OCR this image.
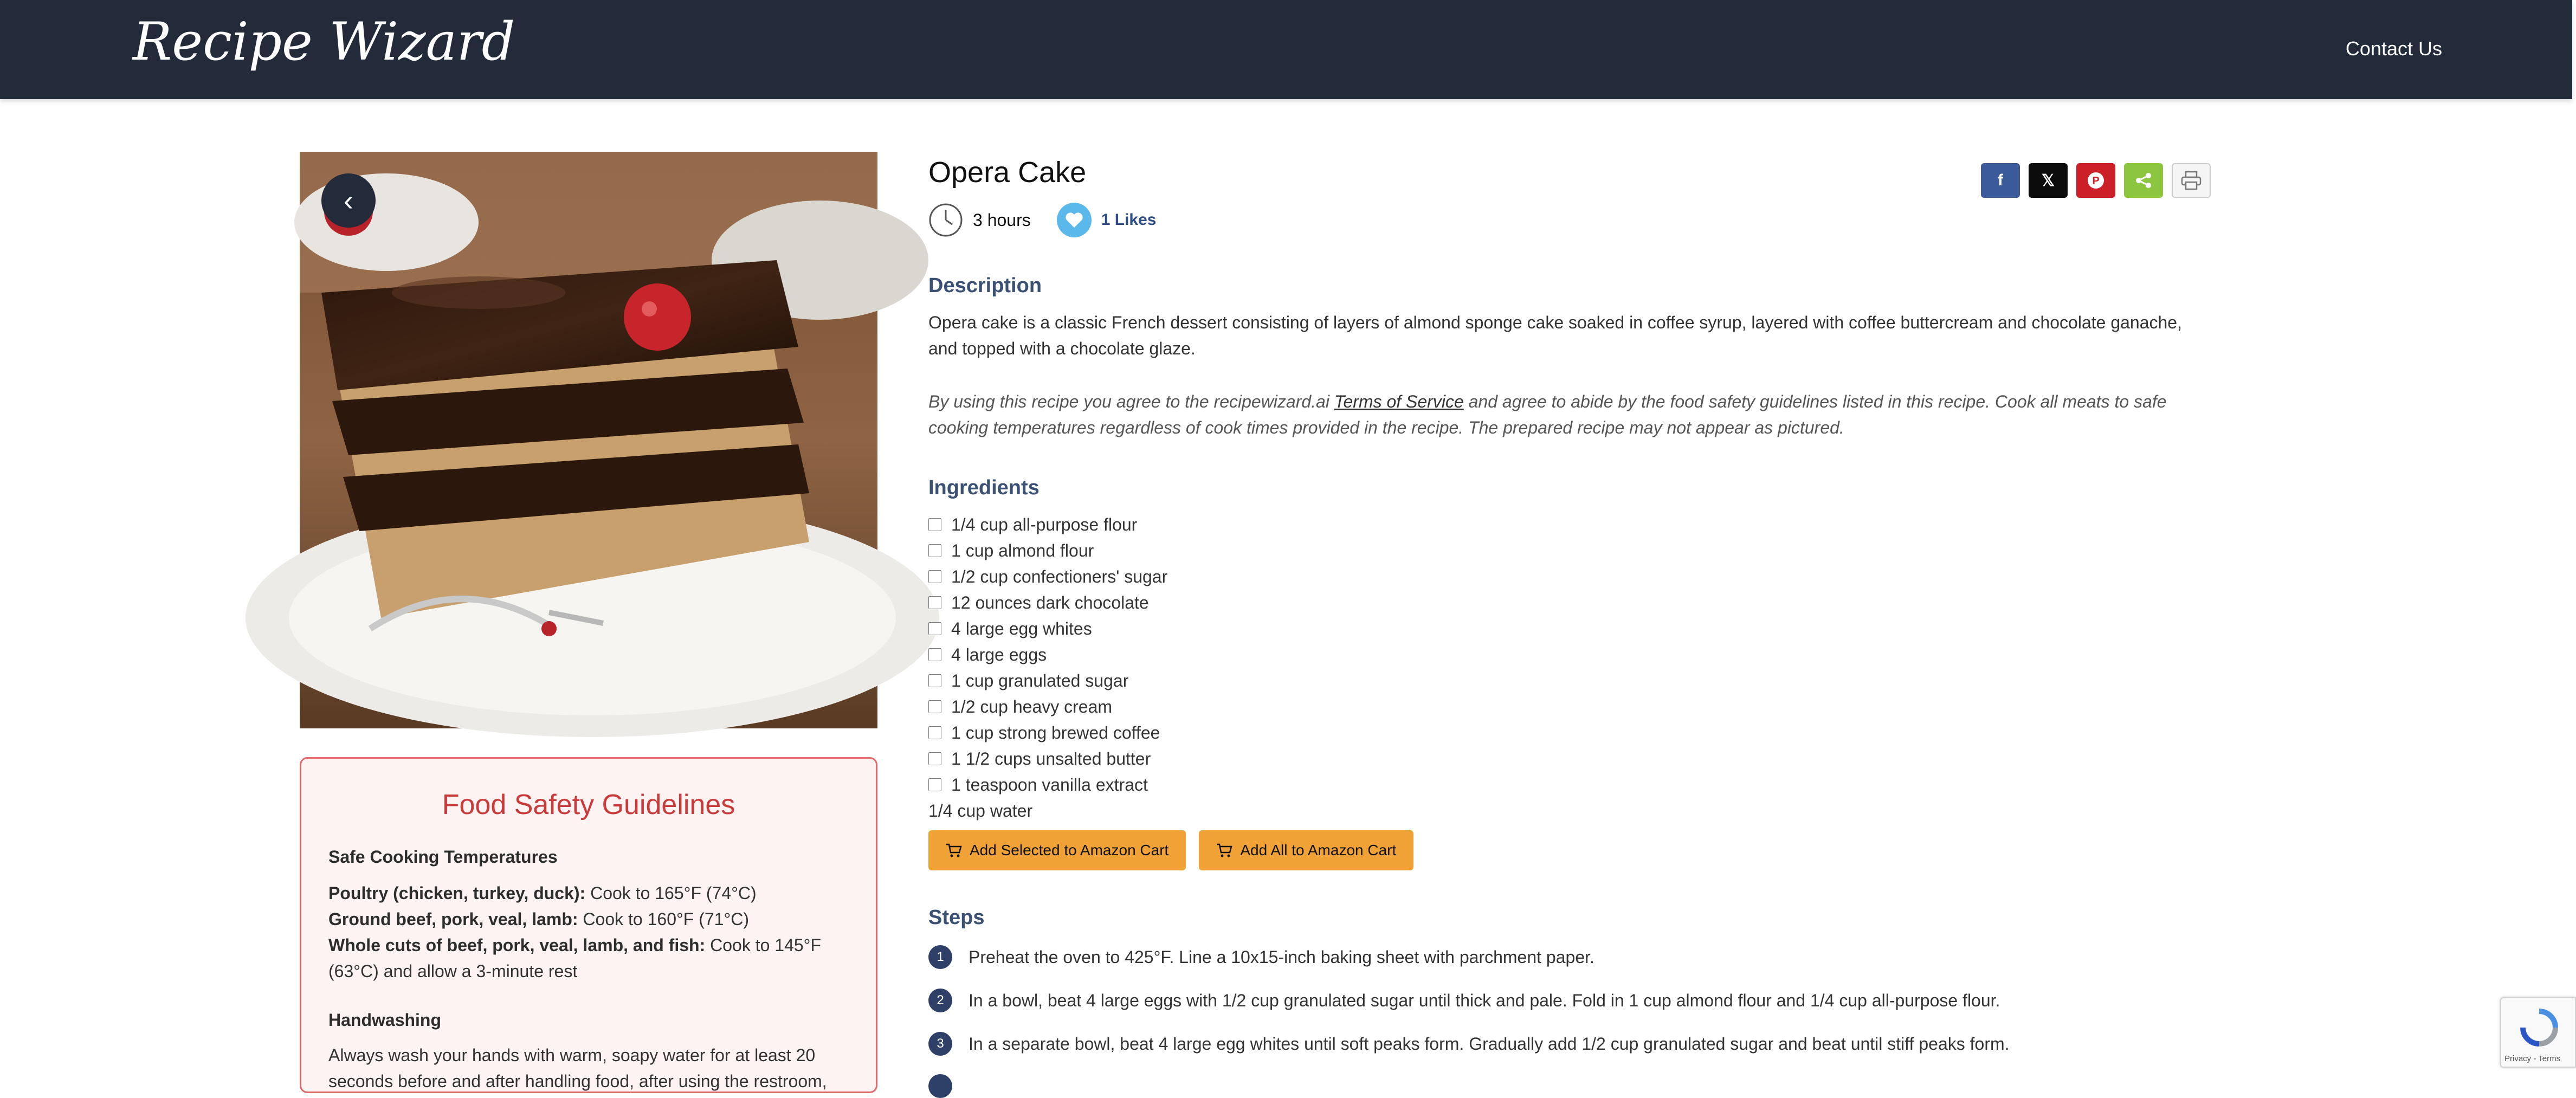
Recipe Wizard	Contact Us
‹
Food Safety Guidelines
Safe Cooking Temperatures

Poultry (chicken, turkey, duck): Cook to 165°F (74°C)

Ground beef, pork, veal, lamb: Cook to 160°F (71°C)

Whole cuts of beef, pork, veal, lamb, and fish: Cook to 145°F (63°C) and allow a 3-minute rest

Handwashing

Always wash your hands with warm, soapy water for at least 20 seconds before and after handling food, after using the restroom,

f 𝕏	P
Opera Cake
3 hours	1 Likes
Description

Opera cake is a classic French dessert consisting of layers of almond sponge cake soaked in coffee syrup, layered with coffee buttercream and chocolate ganache, and topped with a chocolate glaze.

By using this recipe you agree to the recipewizard.ai Terms of Service and agree to abide by the food safety guidelines listed in this recipe. Cook all meats to safe cooking temperatures regardless of cook times provided in the recipe. The prepared recipe may not appear as pictured.

Ingredients
1/4 cup all-purpose flour
1 cup almond flour
1/2 cup confectioners' sugar
12 ounces dark chocolate
4 large egg whites
4 large eggs
1 cup granulated sugar
1/2 cup heavy cream
1 cup strong brewed coffee
1 1/2 cups unsalted butter
1 teaspoon vanilla extract
1/4 cup water
Add Selected to Amazon Cart	Add All to Amazon Cart
Steps
1	Preheat the oven to 425°F. Line a 10x15-inch baking sheet with parchment paper.
2	In a bowl, beat 4 large eggs with 1/2 cup granulated sugar until thick and pale. Fold in 1 cup almond flour and 1/4 cup all-purpose flour.
3	In a separate bowl, beat 4 large egg whites until soft peaks form. Gradually add 1/2 cup granulated sugar and beat until stiff peaks form.
Privacy - Terms
